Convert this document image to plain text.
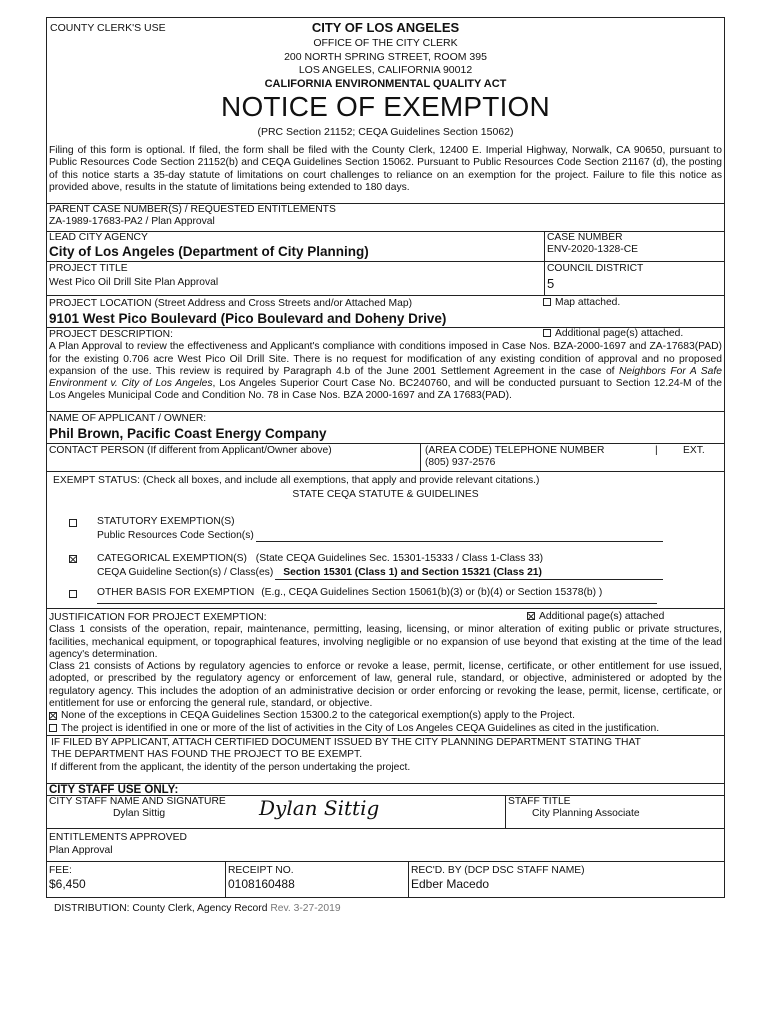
COUNTY CLERK'S USE	CITY OF LOS ANGELES
OFFICE OF THE CITY CLERK
200 NORTH SPRING STREET, ROOM 395
LOS ANGELES, CALIFORNIA 90012
CALIFORNIA ENVIRONMENTAL QUALITY ACT
NOTICE OF EXEMPTION
(PRC Section 21152; CEQA Guidelines Section 15062)
Filing of this form is optional. If filed, the form shall be filed with the County Clerk, 12400 E. Imperial Highway, Norwalk, CA 90650, pursuant to Public Resources Code Section 21152(b) and CEQA Guidelines Section 15062. Pursuant to Public Resources Code Section 21167 (d), the posting of this notice starts a 35-day statute of limitations on court challenges to reliance on an exemption for the project. Failure to file this notice as provided above, results in the statute of limitations being extended to 180 days.
PARENT CASE NUMBER(S) / REQUESTED ENTITLEMENTS
ZA-1989-17683-PA2 / Plan Approval
LEAD CITY AGENCY
City of Los Angeles (Department of City Planning)
CASE NUMBER
ENV-2020-1328-CE
PROJECT TITLE
West Pico Oil Drill Site Plan Approval
COUNCIL DISTRICT
5
PROJECT LOCATION (Street Address and Cross Streets and/or Attached Map)	Map attached.
9101 West Pico Boulevard (Pico Boulevard and Doheny Drive)
PROJECT DESCRIPTION:	Additional page(s) attached.
A Plan Approval to review the effectiveness and Applicant's compliance with conditions imposed in Case Nos. BZA-2000-1697 and ZA-17683(PAD) for the existing 0.706 acre West Pico Oil Drill Site. There is no request for modification of any existing condition of approval and no proposed expansion of the use. This review is required by Paragraph 4.b of the June 2001 Settlement Agreement in the case of Neighbors For A Safe Environment v. City of Los Angeles, Los Angeles Superior Court Case No. BC240760, and will be conducted pursuant to Section 12.24-M of the Los Angeles Municipal Code and Condition No. 78 in Case Nos. BZA 2000-1697 and ZA 17683(PAD).
NAME OF APPLICANT / OWNER:
Phil Brown, Pacific Coast Energy Company
CONTACT PERSON (If different from Applicant/Owner above)	(AREA CODE) TELEPHONE NUMBER	| EXT.
(805) 937-2576
EXEMPT STATUS: (Check all boxes, and include all exemptions, that apply and provide relevant citations.)
STATE CEQA STATUTE & GUIDELINES
STATUTORY EXEMPTION(S)
Public Resources Code Section(s)
CATEGORICAL EXEMPTION(S) (State CEQA Guidelines Sec. 15301-15333 / Class 1-Class 33)
CEQA Guideline Section(s) / Class(es) Section 15301 (Class 1) and Section 15321 (Class 21)
OTHER BASIS FOR EXEMPTION (E.g., CEQA Guidelines Section 15061(b)(3) or (b)(4) or Section 15378(b) )
JUSTIFICATION FOR PROJECT EXEMPTION:	Additional page(s) attached
Class 1 consists of the operation, repair, maintenance, permitting, leasing, licensing, or minor alteration of exiting public or private structures, facilities, mechanical equipment, or topographical features, involving negligible or no expansion of use beyond that existing at the time of the lead agency's determination.
Class 21 consists of Actions by regulatory agencies to enforce or revoke a lease, permit, license, certificate, or other entitlement for use issued, adopted, or prescribed by the regulatory agency or enforcement of law, general rule, standard, or objective, administered or adopted by the regulatory agency. This includes the adoption of an administrative decision or order enforcing or revoking the lease, permit, license, certificate, or entitlement for use or enforcing the general rule, standard, or objective.
None of the exceptions in CEQA Guidelines Section 15300.2 to the categorical exemption(s) apply to the Project.
The project is identified in one or more of the list of activities in the City of Los Angeles CEQA Guidelines as cited in the justification.
IF FILED BY APPLICANT, ATTACH CERTIFIED DOCUMENT ISSUED BY THE CITY PLANNING DEPARTMENT STATING THAT
THE DEPARTMENT HAS FOUND THE PROJECT TO BE EXEMPT.
If different from the applicant, the identity of the person undertaking the project.
CITY STAFF USE ONLY:
CITY STAFF NAME AND SIGNATURE
Dylan Sittig	Dylan Sittig	STAFF TITLE
City Planning Associate
ENTITLEMENTS APPROVED
Plan Approval
FEE:
$6,450
RECEIPT NO.
0108160488
REC'D. BY (DCP DSC STAFF NAME)
Edber Macedo
DISTRIBUTION: County Clerk, Agency Record Rev. 3-27-2019
